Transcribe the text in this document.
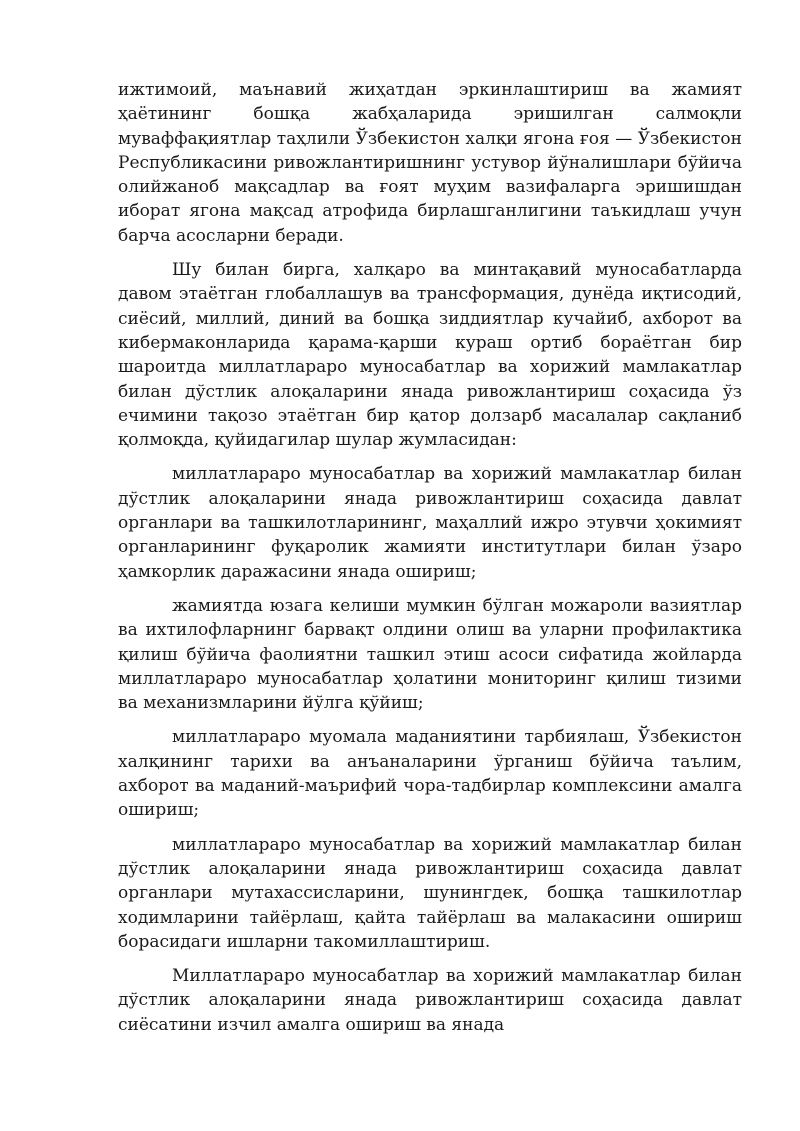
ижтимоий, маънавий жиҳатдан эркинлаштириш ва жамият ҳаётининг бошқа жабҳаларида эришилган салмоқли муваффақиятлар таҳлили Ўзбекистон халқи ягона ғоя — Ўзбекистон Республикасини ривожлантиришнинг устувор йўналишлари бўйича олийжаноб мақсадлар ва ғоят муҳим вазифаларга эришишдан иборат ягона мақсад атрофида бирлашганлигини таъкидлаш учун барча асосларни беради.

Шу билан бирга, халқаро ва минтақавий муносабатларда давом этаётган глобаллашув ва трансформация, дунёда иқтисодий, сиёсий, миллий, диний ва бошқа зиддиятлар кучайиб, ахборот ва кибермаконларида қарама-қарши кураш ортиб бораётган бир шароитда миллатлараро муносабатлар ва хорижий мамлакатлар билан дўстлик алоқаларини янада ривожлантириш соҳасида ўз ечимини тақозо этаётган бир қатор долзарб масалалар сақланиб қолмоқда, қуйидагилар шулар жумласидан:

миллатлараро муносабатлар ва хорижий мамлакатлар билан дўстлик алоқаларини янада ривожлантириш соҳасида давлат органлари ва ташкилотларининг, маҳаллий ижро этувчи ҳокимият органларининг фуқаролик жамияти институтлари билан ўзаро ҳамкорлик даражасини янада ошириш;

жамиятда юзага келиши мумкин бўлган можароли вазиятлар ва ихтилофларнинг барвақт олдини олиш ва уларни профилактика қилиш бўйича фаолиятни ташкил этиш асоси сифатида жойларда миллатлараро муносабатлар ҳолатини мониторинг қилиш тизими ва механизмларини йўлга қўйиш;

миллатлараро муомала маданиятини тарбиялаш, Ўзбекистон халқининг тарихи ва анъаналарини ўрганиш бўйича таълим, ахборот ва маданий-маърифий чора-тадбирлар комплексини амалга ошириш;

миллатлараро муносабатлар ва хорижий мамлакатлар билан дўстлик алоқаларини янада ривожлантириш соҳасида давлат органлари мутахассисларини, шунингдек, бошқа ташкилотлар ходимларини тайёрлаш, қайта тайёрлаш ва малакасини ошириш борасидаги ишларни такомиллаштириш.

Миллатлараро муносабатлар ва хорижий мамлакатлар билан дўстлик алоқаларини янада ривожлантириш соҳасида давлат сиёсатини изчил амалга ошириш ва янада
